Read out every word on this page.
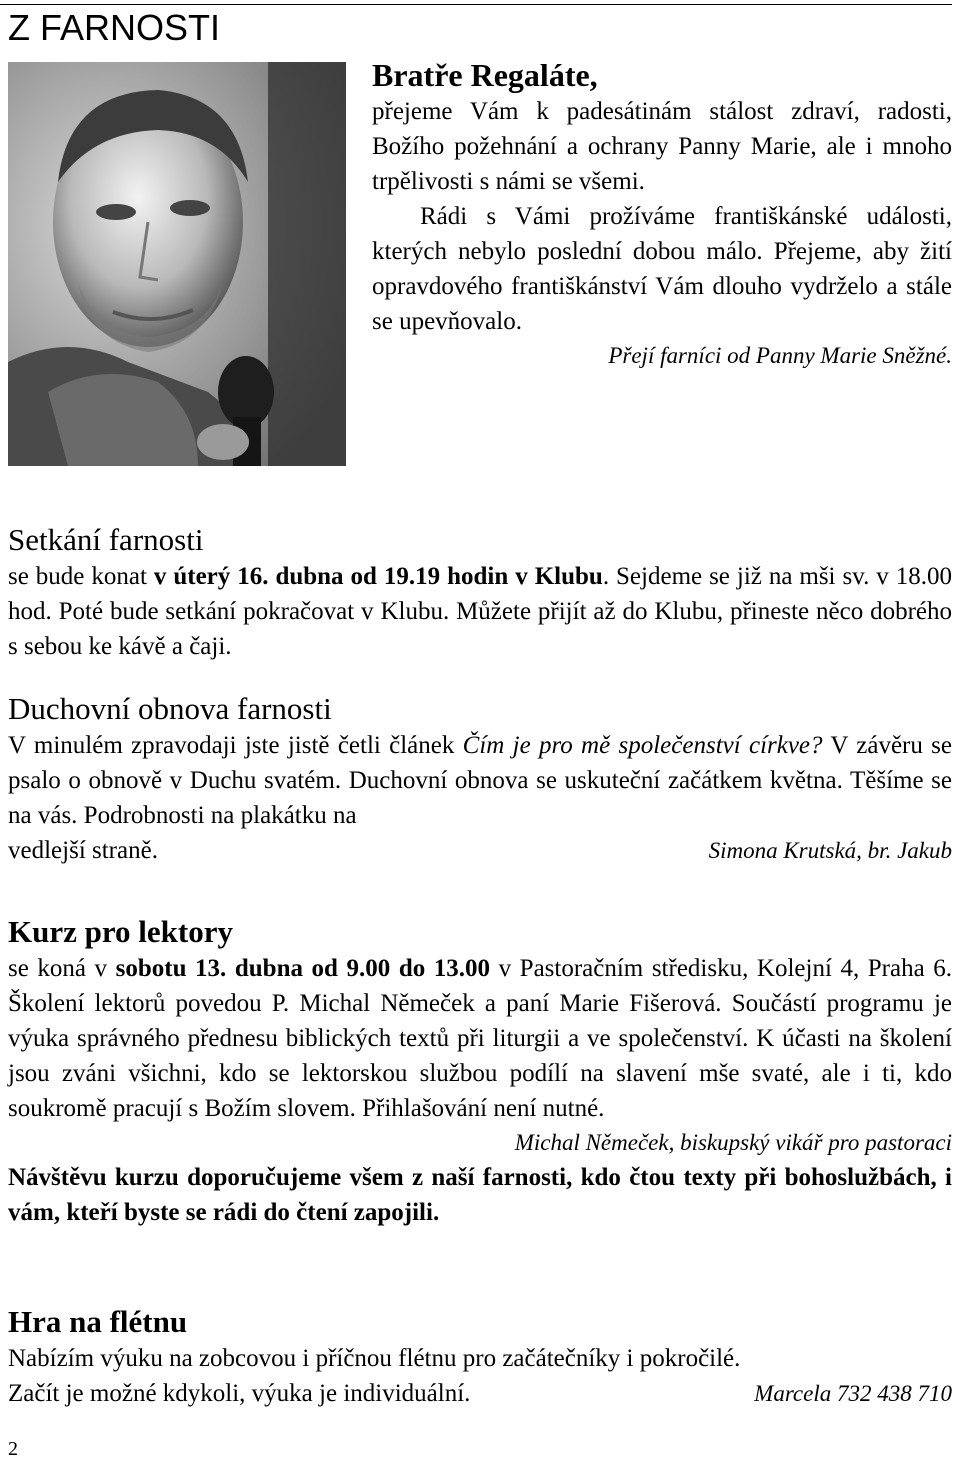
Z FARNOSTI
Bratře Regaláte,

přejeme Vám k padesátinám stálost zdraví, radosti, Božího požehnání a ochrany Panny Marie, ale i mnoho trpělivosti s námi se všemi.

Rádi s Vámi prožíváme františkánské události, kterých nebylo poslední dobou málo. Přejeme, aby žití opravdového františkánství Vám dlouho vydrželo a stále se upevňovalo.

Přejí farníci od Panny Marie Sněžné.

Setkání farnosti

se bude konat v úterý 16. dubna od 19.19 hodin v Klubu. Sejdeme se již na mši sv. v 18.00 hod. Poté bude setkání pokračovat v Klubu. Můžete přijít až do Klubu, přineste něco dobrého s sebou ke kávě a čaji.

Duchovní obnova farnosti

V minulém zpravodaji jste jistě četli článek Čím je pro mě společenství církve? V závěru se psalo o obnově v Duchu svatém. Duchovní obnova se uskuteční začátkem května. Těšíme se na vás. Podrobnosti na plakátku na

vedlejší straně.	Simona Krutská, br. Jakub
Kurz pro lektory

se koná v sobotu 13. dubna od 9.00 do 13.00 v Pastoračním středisku, Kolejní 4, Praha 6. Školení lektorů povedou P. Michal Němeček a paní Marie Fišerová. Součástí programu je výuka správného přednesu biblických textů při liturgii a ve společenství. K účasti na školení jsou zváni všichni, kdo se lektorskou službou podílí na slavení mše svaté, ale i ti, kdo soukromě pracují s Božím slovem. Přihlašování není nutné.

Michal Němeček, biskupský vikář pro pastoraci

Návštěvu kurzu doporučujeme všem z naší farnosti, kdo čtou texty při bohoslužbách, i vám, kteří byste se rádi do čtení zapojili.

Hra na flétnu

Nabízím výuku na zobcovou i příčnou flétnu pro začátečníky i pokročilé.

Začít je možné kdykoli, výuka je individuální.	Marcela 732 438 710
2
